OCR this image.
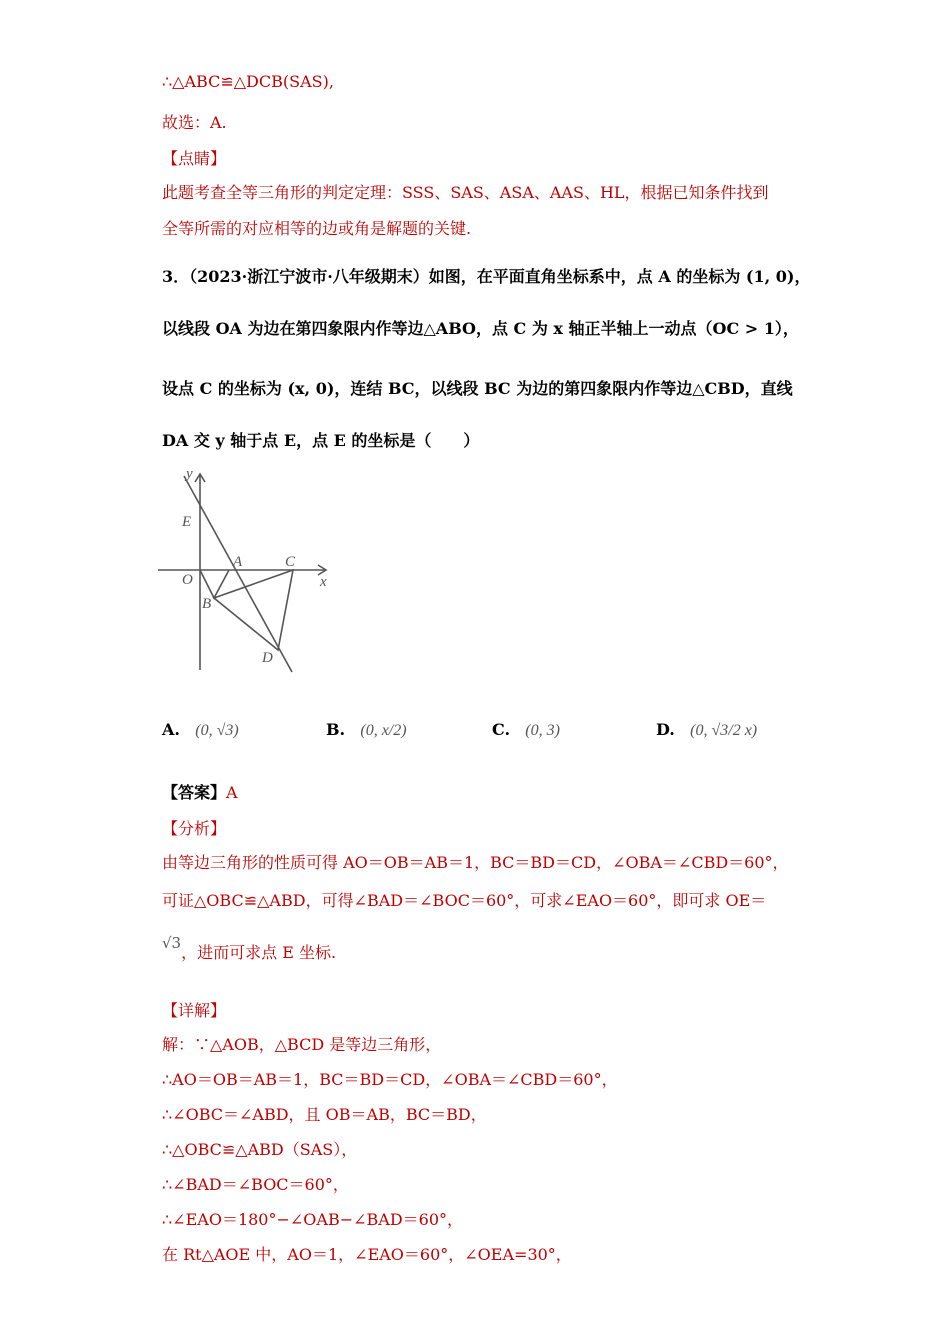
∴△ABC≌△DCB(SAS),
故选：A.
【点睛】
此题考查全等三角形的判定定理：SSS、SAS、ASA、AAS、HL，根据已知条件找到
全等所需的对应相等的边或角是解题的关键.
3．（2023·浙江宁波市·八年级期末）如图，在平面直角坐标系中，点 A 的坐标为 (1, 0)，
以线段 OA 为边在第四象限内作等边△ABO，点 C 为 x 轴正半轴上一动点（OC > 1），
设点 C 的坐标为 (x, 0)，连结 BC，以线段 BC 为边的第四象限内作等边△CBD，直线
DA 交 y 轴于点 E，点 E 的坐标是（　　）
y
x
E
O
A	C
B
D
A. (0, √3)	B. (0, x/2)	C. (0, 3)	D. (0, √3/2 x)
【答案】A
【分析】
由等边三角形的性质可得 AO＝OB＝AB＝1，BC＝BD＝CD，∠OBA＝∠CBD＝60°，
可证△OBC≌△ABD，可得∠BAD＝∠BOC＝60°，可求∠EAO＝60°，即可求 OE＝
√3，进而可求点 E 坐标.
【详解】
解：∵△AOB，△BCD 是等边三角形，
∴AO＝OB＝AB＝1，BC＝BD＝CD，∠OBA＝∠CBD＝60°，
∴∠OBC＝∠ABD，且 OB＝AB，BC＝BD，
∴△OBC≌△ABD（SAS），
∴∠BAD＝∠BOC＝60°，
∴∠EAO＝180°−∠OAB−∠BAD＝60°，
在 Rt△AOE 中，AO＝1，∠EAO＝60°，∠OEA=30°，
